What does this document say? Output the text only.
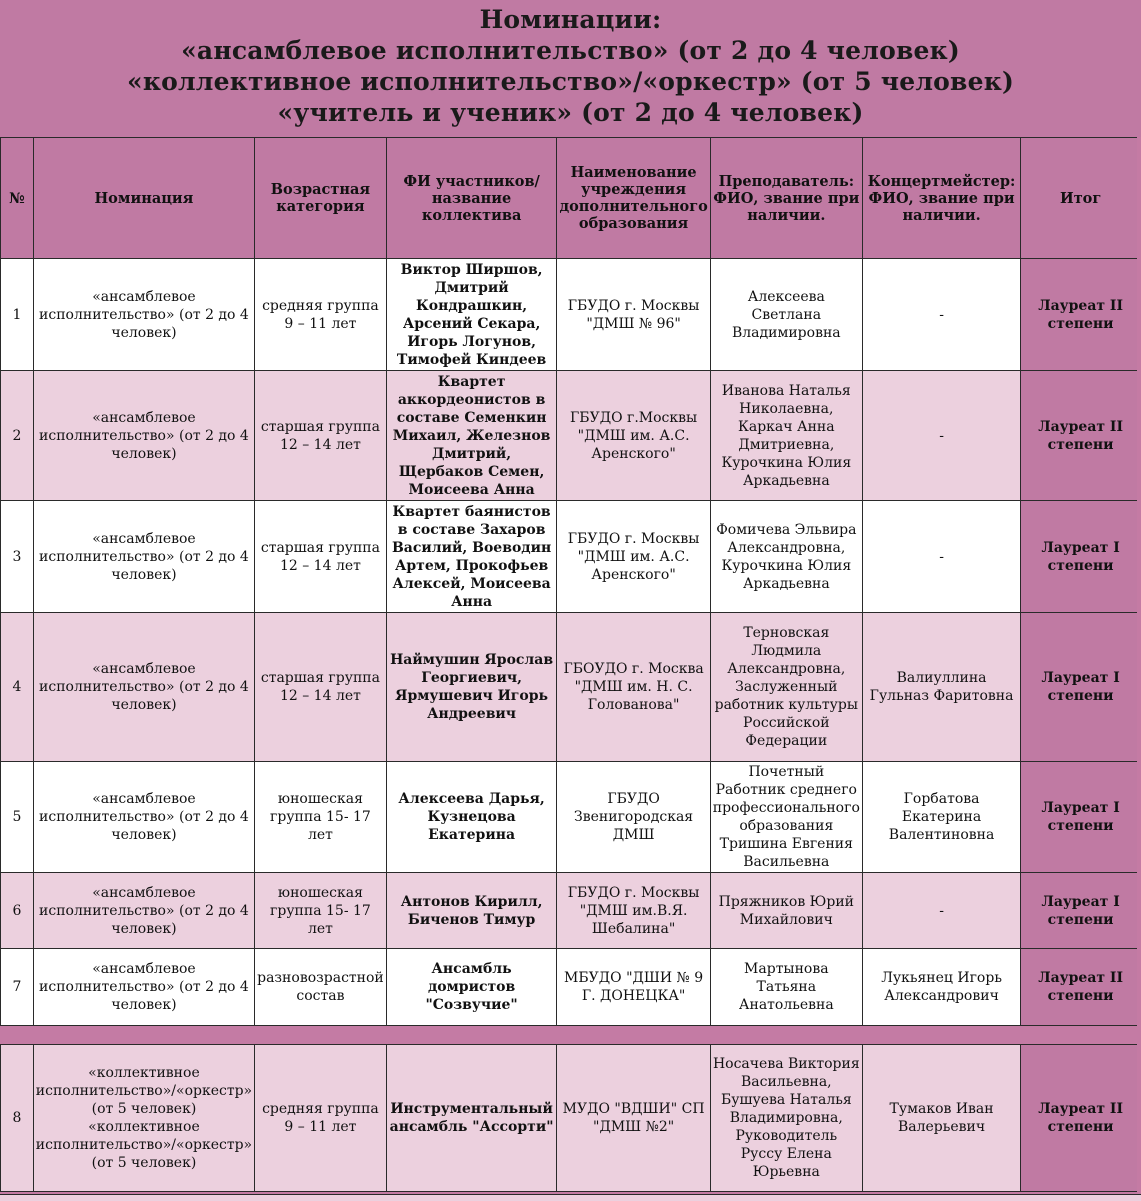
Номинации:
«ансамблевое исполнительство» (от 2 до 4 человек)
«коллективное исполнительство»/«оркестр» (от 5 человек)
«учитель и ученик» (от 2 до 4 человек)
№	Номинация	Возрастная категория	ФИ участников/название коллектива	Наименование учреждения дополнительного образования	Преподаватель: ФИО, звание при наличии.	Концертмейстер: ФИО, звание при наличии.	Итог
1	«ансамблевое исполнительство» (от 2 до 4 человек)	средняя группа 9 – 11 лет	Виктор Ширшов, Дмитрий Кондрашкин, Арсений Секара, Игорь Логунов, Тимофей Киндеев	ГБУДО г. Москвы "ДМШ № 96"	Алексеева Светлана Владимировна	-	Лауреат II степени
2	«ансамблевое исполнительство» (от 2 до 4 человек)	старшая группа 12 – 14 лет	Квартет аккордеонистов в составе Семенкин Михаил, Железнов Дмитрий, Щербаков Семен, Моисеева Анна	ГБУДО г.Москвы "ДМШ им. А.С. Аренского"	Иванова Наталья Николаевна, Каркач Анна Дмитриевна, Курочкина Юлия Аркадьевна	-	Лауреат II степени
3	«ансамблевое исполнительство» (от 2 до 4 человек)	старшая группа 12 – 14 лет	Квартет баянистов в составе Захаров Василий, Воеводин Артем, Прокофьев Алексей, Моисеева Анна	ГБУДО г. Москвы "ДМШ им. А.С. Аренского"	Фомичева Эльвира Александровна, Курочкина Юлия Аркадьевна	-	Лауреат I степени
4	«ансамблевое исполнительство» (от 2 до 4 человек)	старшая группа 12 – 14 лет	Наймушин Ярослав Георгиевич, Ярмушевич Игорь Андреевич	ГБОУДО г. Москва "ДМШ им. Н. С. Голованова"	Терновская Людмила Александровна, Заслуженный работник культуры Российской Федерации	Валиуллина Гульназ Фаритовна	Лауреат I степени
5	«ансамблевое исполнительство» (от 2 до 4 человек)	юношеская группа 15- 17 лет	Алексеева Дарья, Кузнецова Екатерина	ГБУДО Звенигородская ДМШ	Почетный Работник среднего профессионального образования Тришина Евгения Васильевна	Горбатова Екатерина Валентиновна	Лауреат I степени
6	«ансамблевое исполнительство» (от 2 до 4 человек)	юношеская группа 15- 17 лет	Антонов Кирилл, Биченов Тимур	ГБУДО г. Москвы "ДМШ им.В.Я. Шебалина"	Пряжников Юрий Михайлович	-	Лауреат I степени
7	«ансамблевое исполнительство» (от 2 до 4 человек)	разновозрастной состав	Ансамбль домристов "Созвучие"	МБУДО "ДШИ № 9 Г. ДОНЕЦКА"	Мартынова Татьяна Анатольевна	Лукьянец Игорь Александрович	Лауреат II степени

8	«коллективное исполнительство»/«оркестр» (от 5 человек) «коллективное исполнительство»/«оркестр» (от 5 человек)	средняя группа 9 – 11 лет	Инструментальный ансамбль "Ассорти"	МУДО "ВДШИ" СП "ДМШ №2"	Носачева Виктория Васильевна, Бушуева Наталья Владимировна, Руководитель Руссу Елена Юрьевна	Тумаков Иван Валерьевич	Лауреат II степени
